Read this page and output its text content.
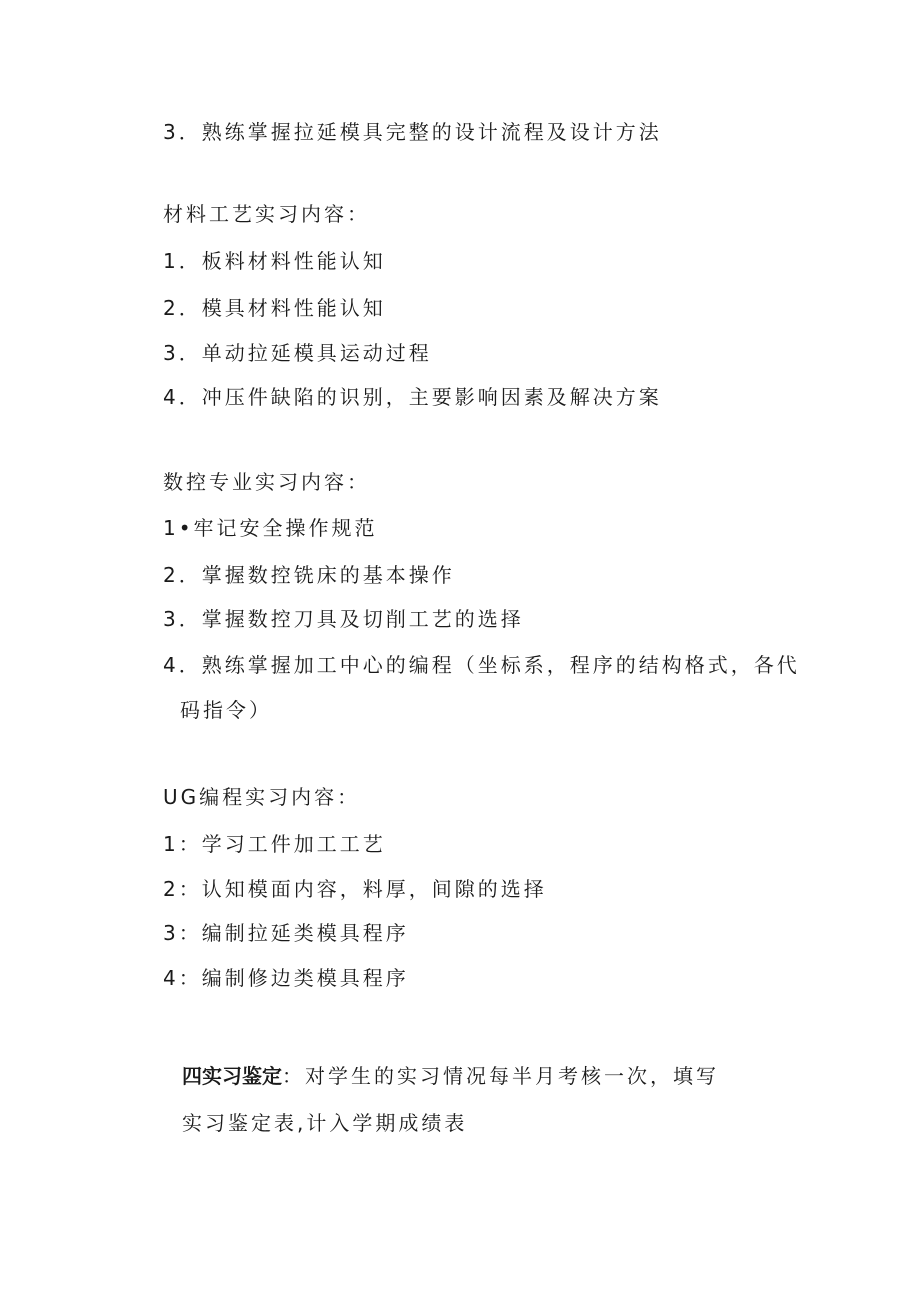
3．熟练掌握拉延模具完整的设计流程及设计方法
材料工艺实习内容：
1．板料材料性能认知
2．模具材料性能认知
3．单动拉延模具运动过程
4．冲压件缺陷的识别，主要影响因素及解决方案
数控专业实习内容：
1•牢记安全操作规范
2．掌握数控铣床的基本操作
3．掌握数控刀具及切削工艺的选择
4．熟练掌握加工中心的编程（坐标系，程序的结构格式，各代
码指令）
UG编程实习内容：
1：学习工件加工工艺
2：认知模面内容，料厚，间隙的选择
3：编制拉延类模具程序
4：编制修边类模具程序
四实习鉴定：对学生的实习情况每半月考核一次，填写
实习鉴定表,计入学期成绩表
